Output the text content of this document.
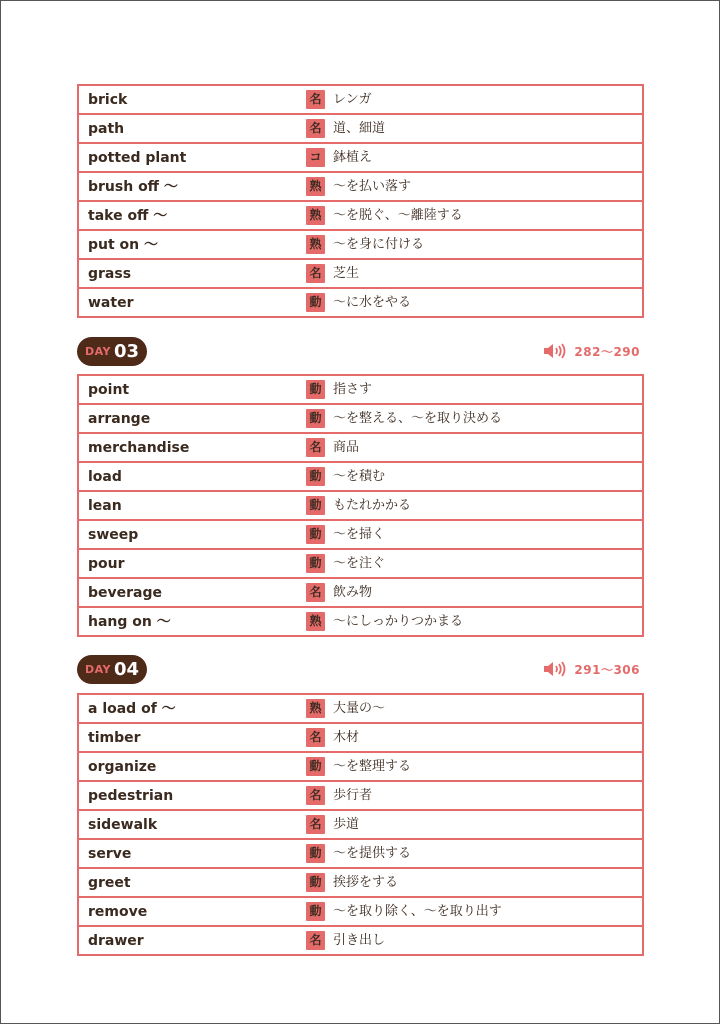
brick	名 レンガ
path	名 道、細道
potted plant	コ 鉢植え
brush off 〜	熟 〜を払い落す
take off 〜	熟 〜を脱ぐ、〜離陸する
put on 〜	熟 〜を身に付ける
grass	名 芝生
water	動 〜に水をやる
DAY 03	282〜290
point	動 指さす
arrange	動 〜を整える、〜を取り決める
merchandise	名 商品
load	動 〜を積む
lean	動 もたれかかる
sweep	動 〜を掃く
pour	動 〜を注ぐ
beverage	名 飲み物
hang on 〜	熟 〜にしっかりつかまる
DAY 04	291〜306
a load of 〜	熟 大量の〜
timber	名 木材
organize	動 〜を整理する
pedestrian	名 歩行者
sidewalk	名 歩道
serve	動 〜を提供する
greet	動 挨拶をする
remove	動 〜を取り除く、〜を取り出す
drawer	名 引き出し
